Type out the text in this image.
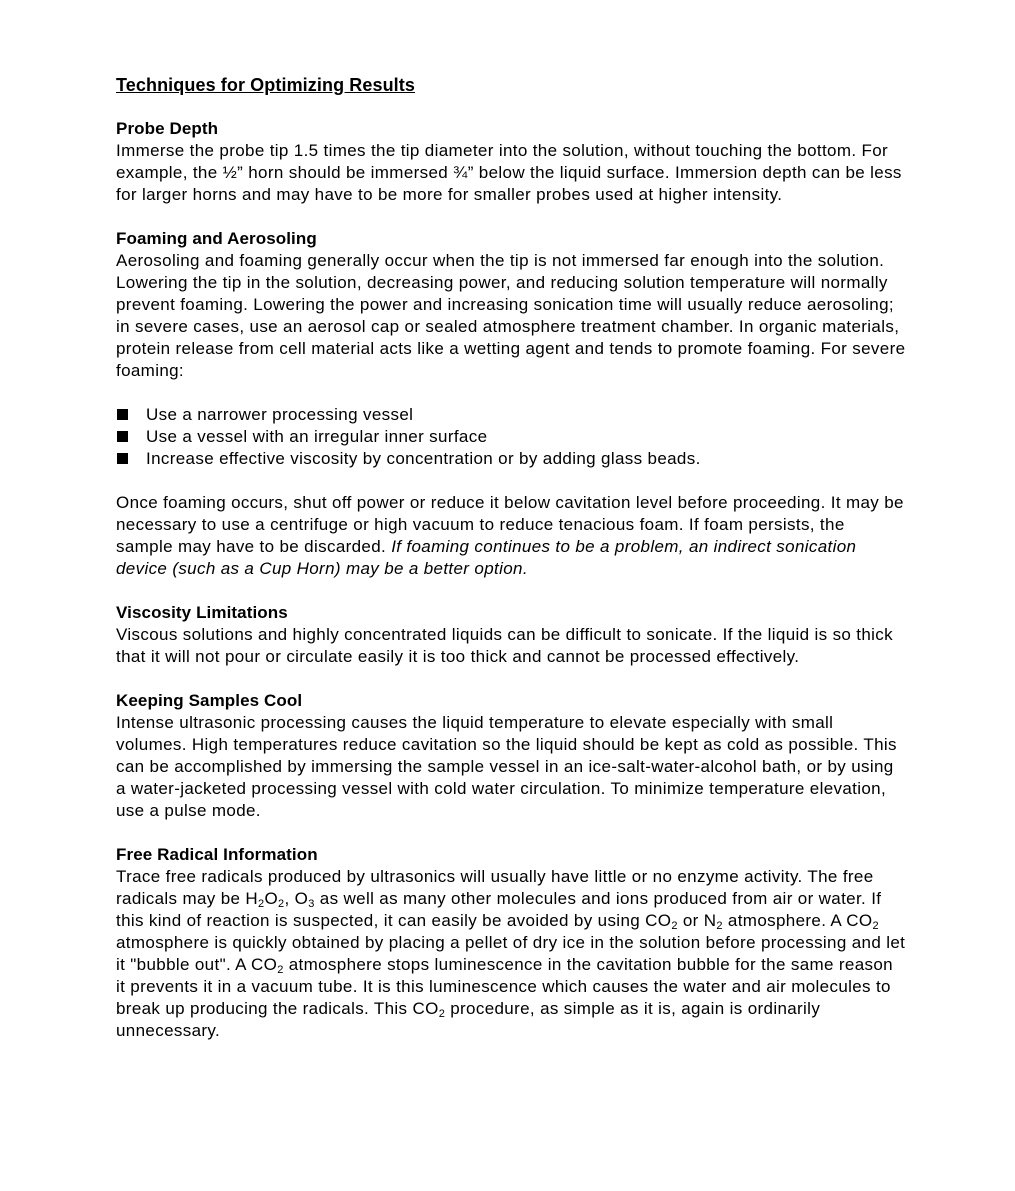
Techniques for Optimizing Results
Probe Depth

Immerse the probe tip 1.5 times the tip diameter into the solution, without touching the bottom. For example, the ½” horn should be immersed ¾” below the liquid surface. Immersion depth can be less for larger horns and may have to be more for smaller probes used at higher intensity.

Foaming and Aerosoling

Aerosoling and foaming generally occur when the tip is not immersed far enough into the solution. Lowering the tip in the solution, decreasing power, and reducing solution temperature will normally prevent foaming. Lowering the power and increasing sonication time will usually reduce aerosoling; in severe cases, use an aerosol cap or sealed atmosphere treatment chamber. In organic materials, protein release from cell material acts like a wetting agent and tends to promote foaming. For severe foaming:

Use a narrower processing vessel
Use a vessel with an irregular inner surface
Increase effective viscosity by concentration or by adding glass beads.

Once foaming occurs, shut off power or reduce it below cavitation level before proceeding. It may be necessary to use a centrifuge or high vacuum to reduce tenacious foam. If foam persists, the sample may have to be discarded. If foaming continues to be a problem, an indirect sonication device (such as a Cup Horn) may be a better option.

Viscosity Limitations

Viscous solutions and highly concentrated liquids can be difficult to sonicate. If the liquid is so thick that it will not pour or circulate easily it is too thick and cannot be processed effectively.

Keeping Samples Cool

Intense ultrasonic processing causes the liquid temperature to elevate especially with small volumes. High temperatures reduce cavitation so the liquid should be kept as cold as possible. This can be accomplished by immersing the sample vessel in an ice-salt-water-alcohol bath, or by using a water-jacketed processing vessel with cold water circulation. To minimize temperature elevation, use a pulse mode.

Free Radical Information

Trace free radicals produced by ultrasonics will usually have little or no enzyme activity. The free radicals may be $H_2O_2$, $O_3$ as well as many other molecules and ions produced from air or water. If this kind of reaction is suspected, it can easily be avoided by using $CO_2$ or $N_2$ atmosphere. A $CO_2$ atmosphere is quickly obtained by placing a pellet of dry ice in the solution before processing and let it "bubble out". A $CO_2$ atmosphere stops luminescence in the cavitation bubble for the same reason it prevents it in a vacuum tube. It is this luminescence which causes the water and air molecules to break up producing the radicals. This $CO_2$ procedure, as simple as it is, again is ordinarily unnecessary.
